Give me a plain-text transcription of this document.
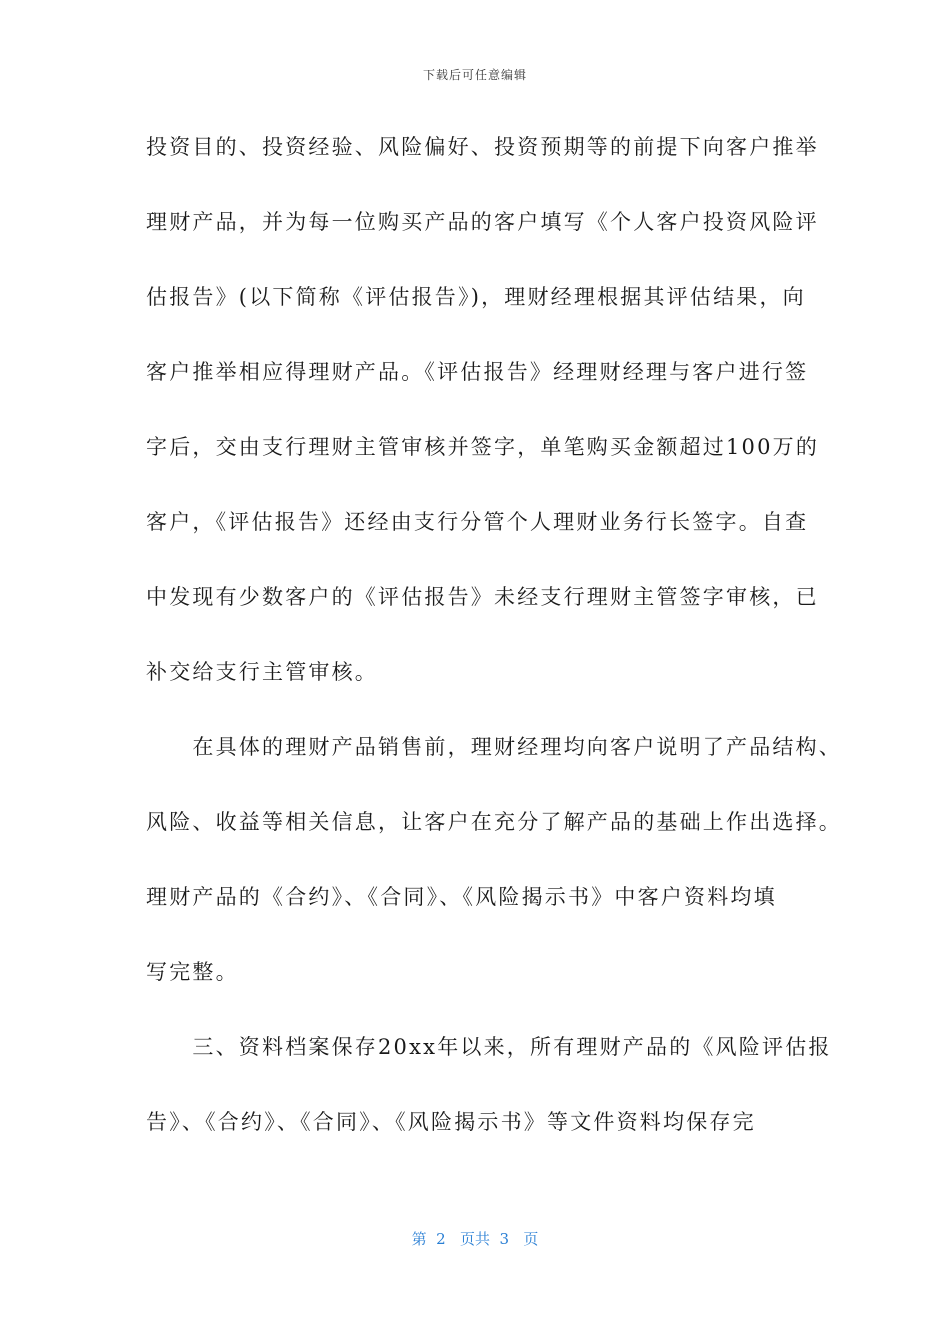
下载后可任意编辑
投资目的、投资经验、风险偏好、投资预期等的前提下向客户推举
理财产品，并为每一位购买产品的客户填写《个人客户投资风险评
估报告》(以下简称《评估报告》)，理财经理根据其评估结果，向
客户推举相应得理财产品。《评估报告》经理财经理与客户进行签
字后，交由支行理财主管审核并签字，单笔购买金额超过100万的
客户，《评估报告》还经由支行分管个人理财业务行长签字。自查
中发现有少数客户的《评估报告》未经支行理财主管签字审核，已
补交给支行主管审核。
　　在具体的理财产品销售前，理财经理均向客户说明了产品结构、
风险、收益等相关信息，让客户在充分了解产品的基础上作出选择。
理财产品的《合约》、《合同》、《风险揭示书》中客户资料均填
写完整。
　　三、资料档案保存20xx年以来，所有理财产品的《风险评估报
告》、《合约》、《合同》、《风险揭示书》等文件资料均保存完
第  2   页共  3   页
